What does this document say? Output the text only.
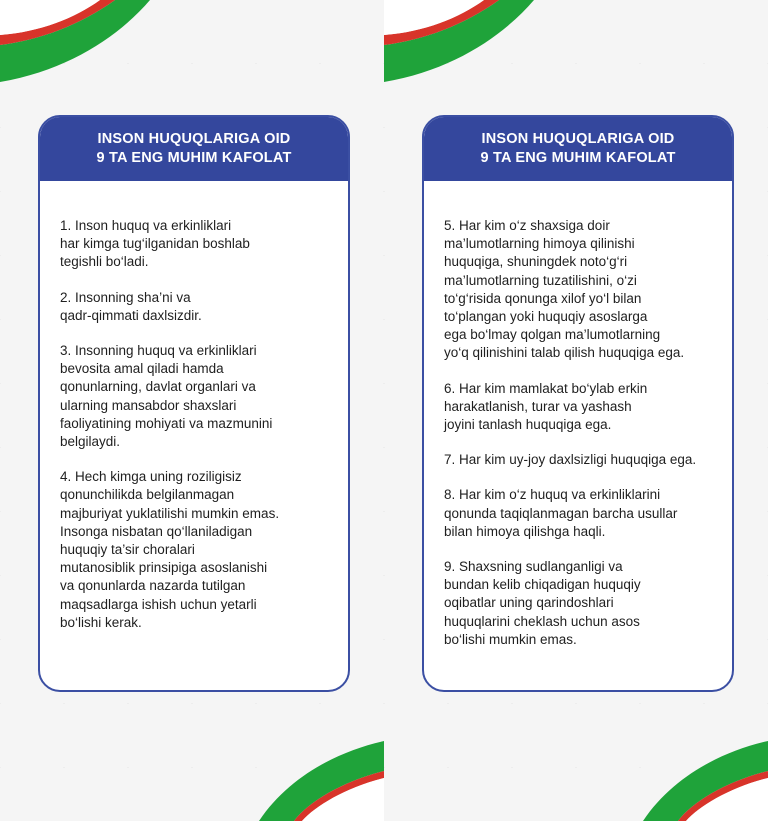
INSON HUQUQLARIGA OID
9 TA ENG MUHIM KAFOLAT
1. Inson huquq va erkinliklari
har kimga tug‘ilganidan boshlab
tegishli bo‘ladi.
2. Insonning sha’ni va
qadr-qimmati daxlsizdir.
3. Insonning huquq va erkinliklari
bevosita amal qiladi hamda
qonunlarning, davlat organlari va
ularning mansabdor shaxslari
faoliyatining mohiyati va mazmunini
belgilaydi.
4. Hech kimga uning roziligisiz
qonunchilikda belgilanmagan
majburiyat yuklatilishi mumkin emas.
Insonga nisbatan qo‘llaniladigan
huquqiy ta’sir choralari
mutanosiblik prinsipiga asoslanishi
va qonunlarda nazarda tutilgan
maqsadlarga ishish uchun yetarli
bo‘lishi kerak.
INSON HUQUQLARIGA OID
9 TA ENG MUHIM KAFOLAT
5. Har kim o‘z shaxsiga doir
ma’lumotlarning himoya qilinishi
huquqiga, shuningdek noto‘g‘ri
ma’lumotlarning tuzatilishini, o‘zi
to‘g‘risida qonunga xilof yo‘l bilan
to‘plangan yoki huquqiy asoslarga
ega bo‘lmay qolgan ma’lumotlarning
yo‘q qilinishini talab qilish huquqiga ega.
6. Har kim mamlakat bo‘ylab erkin
harakatlanish, turar va yashash
joyini tanlash huquqiga ega.
7. Har kim uy-joy daxlsizligi huquqiga ega.
8. Har kim o‘z huquq va erkinliklarini
qonunda taqiqlanmagan barcha usullar
bilan himoya qilishga haqli.
9. Shaxsning sudlanganligi va
bundan kelib chiqadigan huquqiy
oqibatlar uning qarindoshlari
huquqlarini cheklash uchun asos
bo‘lishi mumkin emas.
